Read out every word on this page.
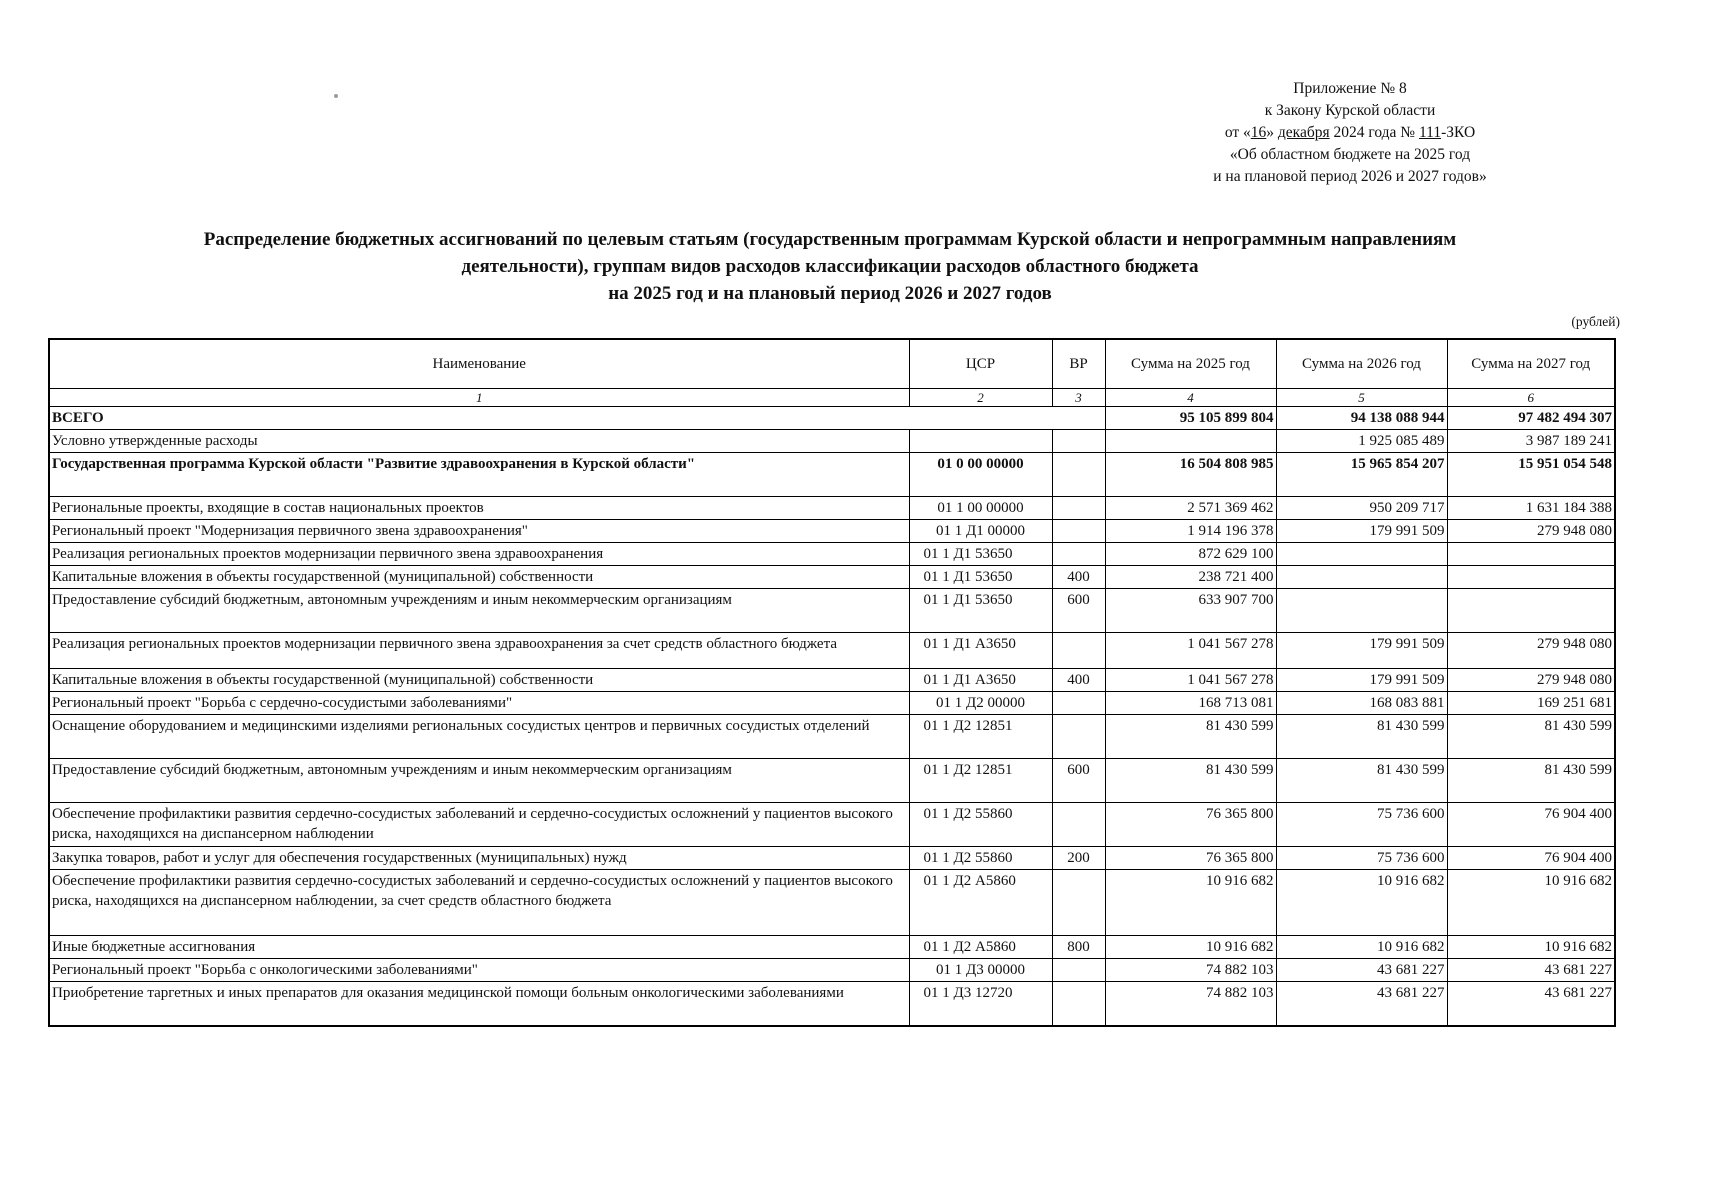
Приложение № 8
к Закону Курской области
от «16» декабря 2024 года № 111-ЗКО
«Об областном бюджете на 2025 год
и на плановой период 2026 и 2027 годов»
Распределение бюджетных ассигнований по целевым статьям (государственным программам Курской области и непрограммным направлениям
деятельности), группам видов расходов классификации расходов областного бюджета
на 2025 год и на плановый период 2026 и 2027 годов
(рублей)
Наименование	ЦСР	ВР	Сумма на 2025 год	Сумма на 2026 год	Сумма на 2027 год
1	2	3	4	5	6
ВСЕГО			95 105 899 804	94 138 088 944	97 482 494 307
Условно утвержденные расходы				1 925 085 489	3 987 189 241
Государственная программа Курской области "Развитие здравоохранения в Курской области"	01 0 00 00000		16 504 808 985	15 965 854 207	15 951 054 548
Региональные проекты, входящие в состав национальных проектов	01 1 00 00000		2 571 369 462	950 209 717	1 631 184 388
Региональный проект "Модернизация первичного звена здравоохранения"	01 1 Д1 00000		1 914 196 378	179 991 509	279 948 080
Реализация региональных проектов модернизации первичного звена здравоохранения	01 1 Д1 53650		872 629 100		
Капитальные вложения в объекты государственной (муниципальной) собственности	01 1 Д1 53650	400	238 721 400		
Предоставление субсидий бюджетным, автономным учреждениям и иным некоммерческим организациям	01 1 Д1 53650	600	633 907 700		
Реализация региональных проектов модернизации первичного звена здравоохранения за счет средств областного бюджета	01 1 Д1 А3650		1 041 567 278	179 991 509	279 948 080
Капитальные вложения в объекты государственной (муниципальной) собственности	01 1 Д1 А3650	400	1 041 567 278	179 991 509	279 948 080
Региональный проект "Борьба с сердечно-сосудистыми заболеваниями"	01 1 Д2 00000		168 713 081	168 083 881	169 251 681
Оснащение оборудованием и медицинскими изделиями региональных сосудистых центров и первичных сосудистых отделений	01 1 Д2 12851		81 430 599	81 430 599	81 430 599
Предоставление субсидий бюджетным, автономным учреждениям и иным некоммерческим организациям	01 1 Д2 12851	600	81 430 599	81 430 599	81 430 599
Обеспечение профилактики развития сердечно-сосудистых заболеваний и сердечно-сосудистых осложнений у пациентов высокого риска, находящихся на диспансерном наблюдении	01 1 Д2 55860		76 365 800	75 736 600	76 904 400
Закупка товаров, работ и услуг для обеспечения государственных (муниципальных) нужд	01 1 Д2 55860	200	76 365 800	75 736 600	76 904 400
Обеспечение профилактики развития сердечно-сосудистых заболеваний и сердечно-сосудистых осложнений у пациентов высокого риска, находящихся на диспансерном наблюдении, за счет средств областного бюджета	01 1 Д2 А5860		10 916 682	10 916 682	10 916 682
Иные бюджетные ассигнования	01 1 Д2 А5860	800	10 916 682	10 916 682	10 916 682
Региональный проект "Борьба с онкологическими заболеваниями"	01 1 Д3 00000		74 882 103	43 681 227	43 681 227
Приобретение таргетных и иных препаратов для оказания медицинской помощи больным онкологическими заболеваниями	01 1 Д3 12720		74 882 103	43 681 227	43 681 227
